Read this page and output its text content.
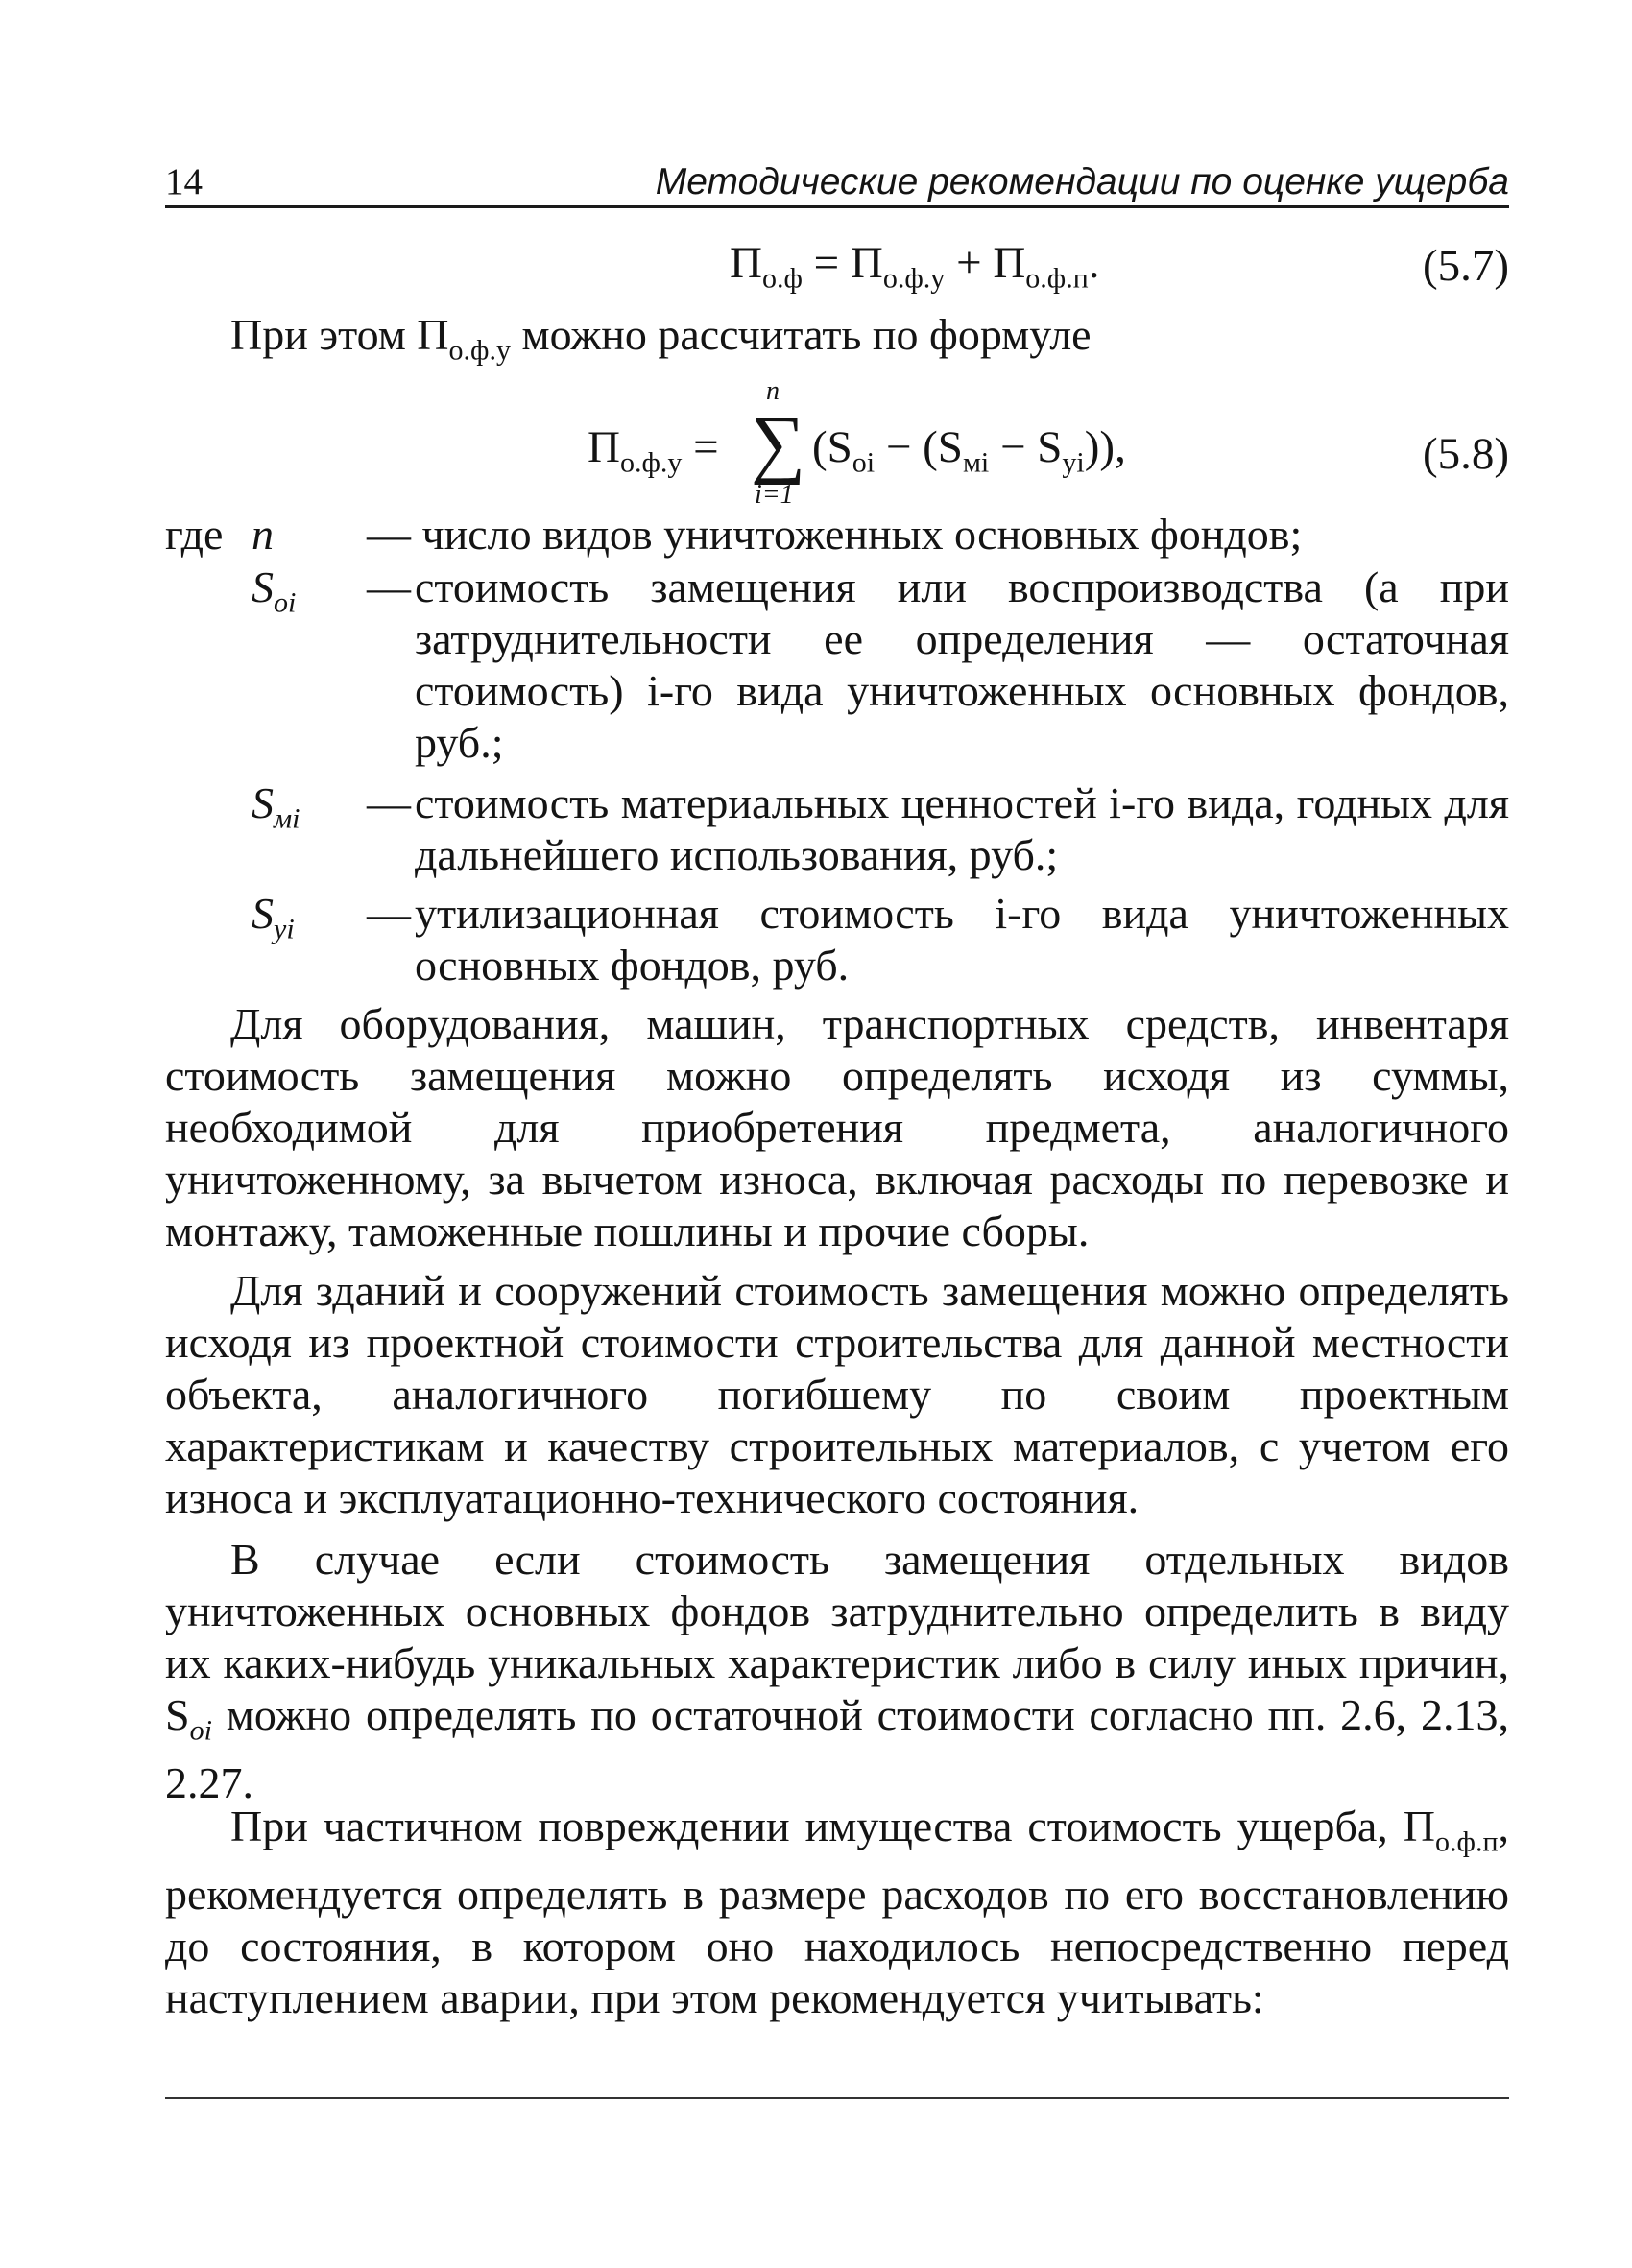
14	Методические рекомендации по оценке ущерба
$П_{о.ф} = П_{о.ф.у} + П_{о.ф.п}$.	(5.7)
При этом $П_{о.ф.у}$ можно рассчитать по формуле
$П_{о.ф.у}$ =
n
∑
i=1
$(S_{oi} - (S_{мi} - S_{уi}))$,	(5.8)
где n — число видов уничтоженных основных фондов;
$S_{oi}$ — стоимость замещения или воспроизводства (а при затруднительности ее определения — остаточная стоимость) i-го вида уничтоженных основных фондов, руб.;
$S_{мi}$ — стоимость материальных ценностей i-го вида, годных для дальнейшего использования, руб.;
$S_{уi}$ — утилизационная стоимость i-го вида уничтоженных основных фондов, руб.
Для оборудования, машин, транспортных средств, инвентаря стоимость замещения можно определять исходя из суммы, необходимой для приобретения предмета, аналогичного уничтоженному, за вычетом износа, включая расходы по перевозке и монтажу, таможенные пошлины и прочие сборы.
Для зданий и сооружений стоимость замещения можно определять исходя из проектной стоимости строительства для данной местности объекта, аналогичного погибшему по своим проектным характеристикам и качеству строительных материалов, с учетом его износа и эксплуатационно-технического состояния.
В случае если стоимость замещения отдельных видов уничтоженных основных фондов затруднительно определить в виду их каких-нибудь уникальных характеристик либо в силу иных причин, $S_{oi}$ можно определять по остаточной стоимости согласно пп. 2.6, 2.13, 2.27.
При частичном повреждении имущества стоимость ущерба, $П_{о.ф.п}$, рекомендуется определять в размере расходов по его восстановлению до состояния, в котором оно находилось непосредственно перед наступлением аварии, при этом рекомендуется учитывать:
